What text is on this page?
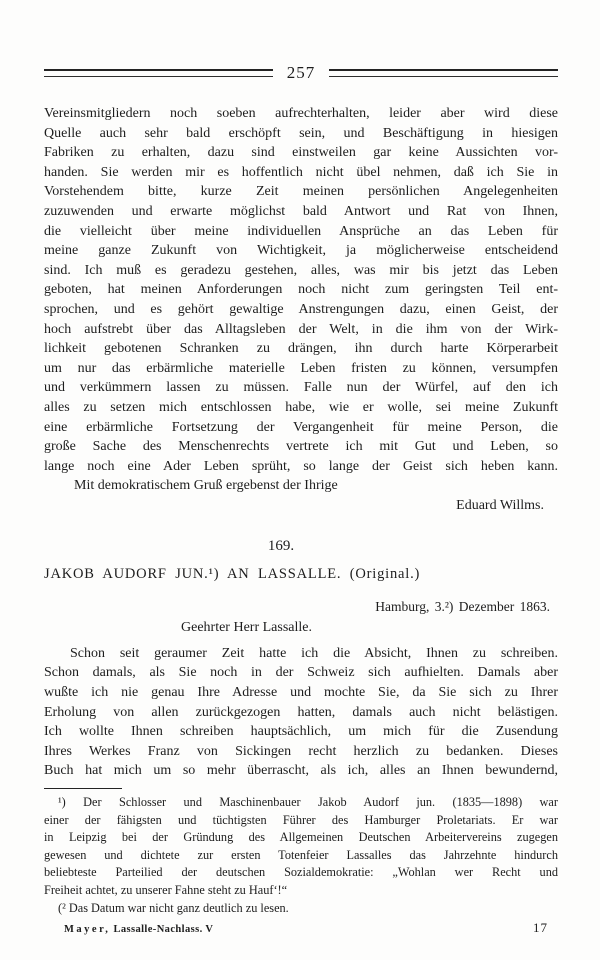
257
Vereinsmitgliedern noch soeben aufrechterhalten, leider aber wird diese
Quelle auch sehr bald erschöpft sein, und Beschäftigung in hiesigen
Fabriken zu erhalten, dazu sind einstweilen gar keine Aussichten vor-
handen. Sie werden mir es hoffentlich nicht übel nehmen, daß ich Sie in
Vorstehendem bitte, kurze Zeit meinen persönlichen Angelegenheiten
zuzuwenden und erwarte möglichst bald Antwort und Rat von Ihnen,
die vielleicht über meine individuellen Ansprüche an das Leben für
meine ganze Zukunft von Wichtigkeit, ja möglicherweise entscheidend
sind. Ich muß es geradezu gestehen, alles, was mir bis jetzt das Leben
geboten, hat meinen Anforderungen noch nicht zum geringsten Teil ent-
sprochen, und es gehört gewaltige Anstrengungen dazu, einen Geist, der
hoch aufstrebt über das Alltagsleben der Welt, in die ihm von der Wirk-
lichkeit gebotenen Schranken zu drängen, ihn durch harte Körperarbeit
um nur das erbärmliche materielle Leben fristen zu können, versumpfen
und verkümmern lassen zu müssen. Falle nun der Würfel, auf den ich
alles zu setzen mich entschlossen habe, wie er wolle, sei meine Zukunft
eine erbärmliche Fortsetzung der Vergangenheit für meine Person, die
große Sache des Menschenrechts vertrete ich mit Gut und Leben, so
lange noch eine Ader Leben sprüht, so lange der Geist sich heben kann.
Mit demokratischem Gruß ergebenst der Ihrige
Eduard Willms.
169.
JAKOB AUDORF JUN.¹) AN LASSALLE. (Original.)
Hamburg, 3.²) Dezember 1863.
Geehrter Herr Lassalle.
Schon seit geraumer Zeit hatte ich die Absicht, Ihnen zu schreiben.
Schon damals, als Sie noch in der Schweiz sich aufhielten. Damals aber
wußte ich nie genau Ihre Adresse und mochte Sie, da Sie sich zu Ihrer
Erholung von allen zurückgezogen hatten, damals auch nicht belästigen.
Ich wollte Ihnen schreiben hauptsächlich, um mich für die Zusendung
Ihres Werkes Franz von Sickingen recht herzlich zu bedanken. Dieses
Buch hat mich um so mehr überrascht, als ich, alles an Ihnen bewundernd,
¹) Der Schlosser und Maschinenbauer Jakob Audorf jun. (1835—1898) war
einer der fähigsten und tüchtigsten Führer des Hamburger Proletariats. Er war
in Leipzig bei der Gründung des Allgemeinen Deutschen Arbeitervereins zugegen
gewesen und dichtete zur ersten Totenfeier Lassalles das Jahrzehnte hindurch
beliebteste Parteilied der deutschen Sozialdemokratie: „Wohlan wer Recht und
Freiheit achtet, zu unserer Fahne steht zu Hauf‘!“
(² Das Datum war nicht ganz deutlich zu lesen.
Mayer, Lassalle-Nachlass. V	17
